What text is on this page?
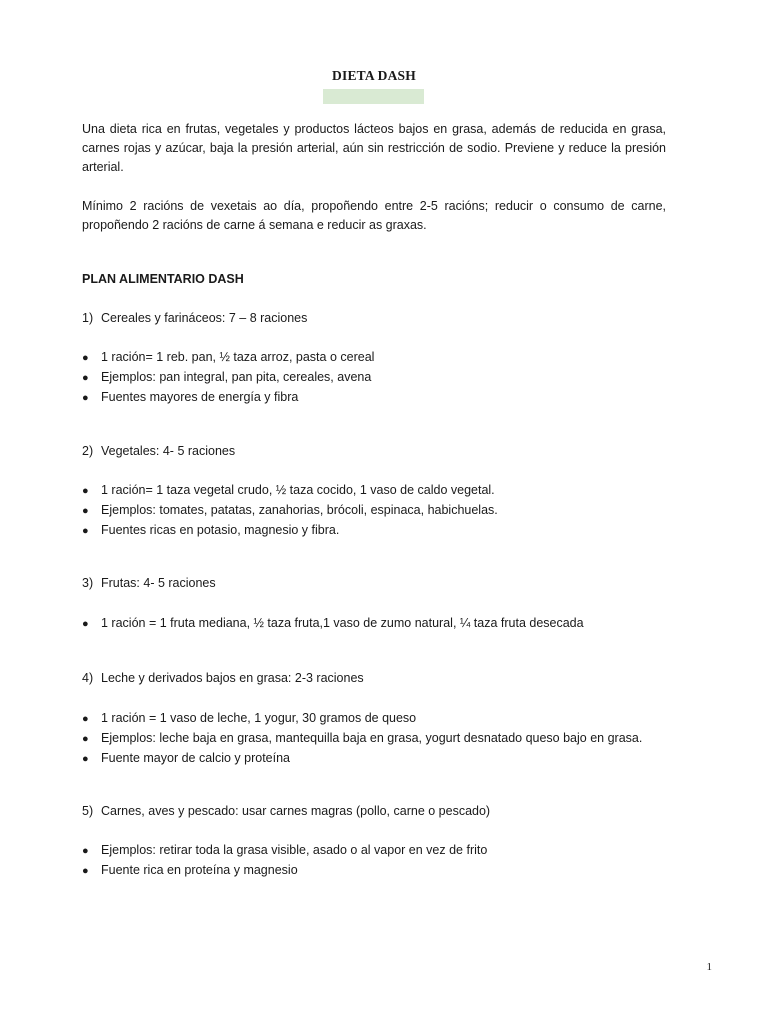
DIETA DASH

Una dieta rica en frutas, vegetales y productos lácteos bajos en grasa, además de reducida en grasa, carnes rojas y azúcar, baja la presión arterial, aún sin restricción de sodio. Previene y reduce la presión arterial.

Mínimo 2 racións de vexetais ao día, propoñendo entre 2-5 racións; reducir o consumo de carne, propoñendo 2 racións de carne á semana e reducir as graxas.

PLAN ALIMENTARIO DASH

1) Cereales y farináceos: 7 – 8 raciones

● 1 ración= 1 reb. pan, ½ taza arroz, pasta o cereal
● Ejemplos: pan integral, pan pita, cereales, avena
● Fuentes mayores de energía y fibra

2) Vegetales: 4- 5 raciones

● 1 ración= 1 taza vegetal crudo, ½ taza cocido, 1 vaso de caldo vegetal.
● Ejemplos: tomates, patatas, zanahorias, brócoli, espinaca, habichuelas.
● Fuentes ricas en potasio, magnesio y fibra.

3) Frutas: 4- 5 raciones

● 1 ración = 1 fruta mediana, ½ taza fruta,1 vaso de zumo natural, ¼ taza fruta desecada

4) Leche y derivados bajos en grasa: 2-3 raciones

● 1 ración = 1 vaso de leche, 1 yogur, 30 gramos de queso
● Ejemplos: leche baja en grasa, mantequilla baja en grasa, yogurt desnatado queso bajo en grasa.
● Fuente mayor de calcio y proteína

5) Carnes, aves y pescado: usar carnes magras (pollo, carne o pescado)

● Ejemplos: retirar toda la grasa visible, asado o al vapor en vez de frito
● Fuente rica en proteína y magnesio
1
